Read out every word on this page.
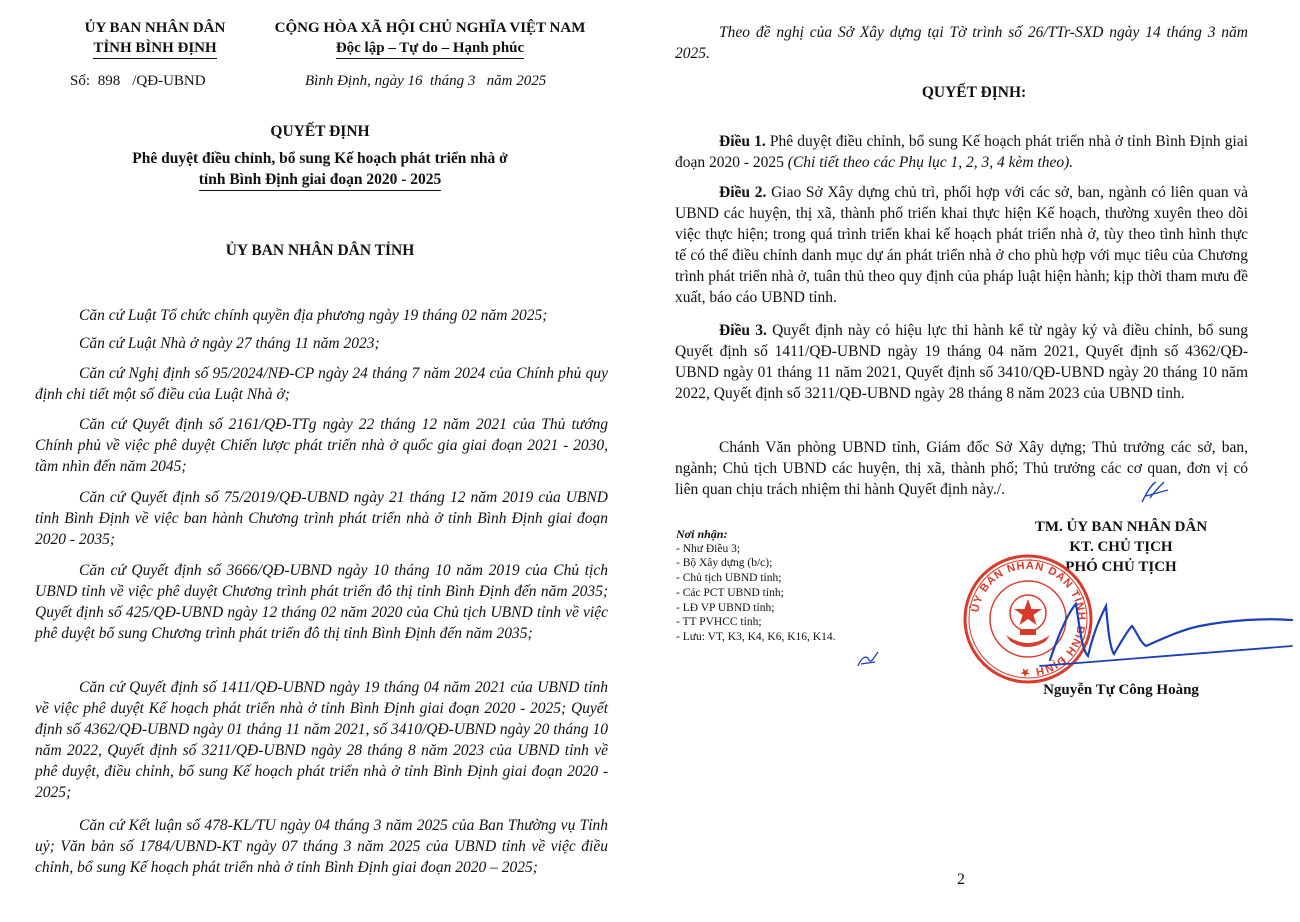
ỦY BAN NHÂN DÂN
TỈNH BÌNH ĐỊNH
Số: 898 /QĐ-UBND
CỘNG HÒA XÃ HỘI CHỦ NGHĨA VIỆT NAM
Độc lập – Tự do – Hạnh phúc
Bình Định, ngày 16  tháng 3   năm 2025
QUYẾT ĐỊNH
Phê duyệt điều chỉnh, bổ sung Kế hoạch phát triển nhà ở
tỉnh Bình Định giai đoạn 2020 - 2025
ỦY BAN NHÂN DÂN TỈNH
Căn cứ Luật Tổ chức chính quyền địa phương ngày 19 tháng 02 năm 2025;
Căn cứ Luật Nhà ở ngày 27 tháng 11 năm 2023;
Căn cứ Nghị định số 95/2024/NĐ-CP ngày 24 tháng 7 năm 2024 của Chính phủ quy định chi tiết một số điều của Luật Nhà ở;
Căn cứ Quyết định số 2161/QĐ-TTg ngày 22 tháng 12 năm 2021 của Thủ tướng Chính phủ về việc phê duyệt Chiến lược phát triển nhà ở quốc gia giai đoạn 2021 - 2030, tầm nhìn đến năm 2045;
Căn cứ Quyết định số 75/2019/QĐ-UBND ngày 21 tháng 12 năm 2019 của UBND tỉnh Bình Định về việc ban hành Chương trình phát triển nhà ở tỉnh Bình Định giai đoạn 2020 - 2035;
Căn cứ Quyết định số 3666/QĐ-UBND ngày 10 tháng 10 năm 2019 của Chủ tịch UBND tỉnh về việc phê duyệt Chương trình phát triển đô thị tỉnh Bình Định đến năm 2035; Quyết định số 425/QĐ-UBND ngày 12 tháng 02 năm 2020 của Chủ tịch UBND tỉnh về việc phê duyệt bổ sung Chương trình phát triển đô thị tỉnh Bình Định đến năm 2035;
Căn cứ Quyết định số 1411/QĐ-UBND ngày 19 tháng 04 năm 2021 của UBND tỉnh về việc phê duyệt Kế hoạch phát triển nhà ở tỉnh Bình Định giai đoạn 2020 - 2025; Quyết định số 4362/QĐ-UBND ngày 01 tháng 11 năm 2021, số 3410/QĐ-UBND ngày 20 tháng 10 năm 2022, Quyết định số 3211/QĐ-UBND ngày 28 tháng 8 năm 2023 của UBND tỉnh về phê duyệt, điều chỉnh, bổ sung Kế hoạch phát triển nhà ở tỉnh Bình Định giai đoạn 2020 - 2025;
Căn cứ Kết luận số 478-KL/TU ngày 04 tháng 3 năm 2025 của Ban Thường vụ Tỉnh uỷ; Văn bản số 1784/UBND-KT ngày 07 tháng 3 năm 2025 của UBND tỉnh về việc điều chỉnh, bổ sung Kế hoạch phát triển nhà ở tỉnh Bình Định giai đoạn 2020 – 2025;
Theo đề nghị của Sở Xây dựng tại Tờ trình số 26/TTr-SXD ngày 14 tháng 3 năm 2025.
QUYẾT ĐỊNH:
Điều 1. Phê duyệt điều chỉnh, bổ sung Kế hoạch phát triển nhà ở tỉnh Bình Định giai đoạn 2020 - 2025 (Chi tiết theo các Phụ lục 1, 2, 3, 4 kèm theo).
Điều 2. Giao Sở Xây dựng chủ trì, phối hợp với các sở, ban, ngành có liên quan và UBND các huyện, thị xã, thành phố triển khai thực hiện Kế hoạch, thường xuyên theo dõi việc thực hiện; trong quá trình triển khai kế hoạch phát triển nhà ở, tùy theo tình hình thực tế có thể điều chỉnh danh mục dự án phát triển nhà ở cho phù hợp với mục tiêu của Chương trình phát triển nhà ở, tuân thủ theo quy định của pháp luật hiện hành; kịp thời tham mưu đề xuất, báo cáo UBND tỉnh.
Điều 3. Quyết định này có hiệu lực thi hành kể từ ngày ký và điều chỉnh, bổ sung Quyết định số 1411/QĐ-UBND ngày 19 tháng 04 năm 2021, Quyết định số 4362/QĐ-UBND ngày 01 tháng 11 năm 2021, Quyết định số 3410/QĐ-UBND ngày 20 tháng 10 năm 2022, Quyết định số 3211/QĐ-UBND ngày 28 tháng 8 năm 2023 của UBND tỉnh.
Chánh Văn phòng UBND tỉnh, Giám đốc Sở Xây dựng; Thủ trưởng các sở, ban, ngành; Chủ tịch UBND các huyện, thị xã, thành phố; Thủ trưởng các cơ quan, đơn vị có liên quan chịu trách nhiệm thi hành Quyết định này./.
Nơi nhận:
- Như Điều 3;
- Bộ Xây dựng (b/c);
- Chủ tịch UBND tỉnh;
- Các PCT UBND tỉnh;
- LĐ VP UBND tỉnh;
- TT PVHCC tỉnh;
- Lưu: VT, K3, K4, K6, K16, K14.
TM. ỦY BAN NHÂN DÂN
KT. CHỦ TỊCH
PHÓ CHỦ TỊCH
ỦY BAN NHÂN DÂN TỈNH BÌNH ĐỊNH ★
Nguyễn Tự Công Hoàng
2
